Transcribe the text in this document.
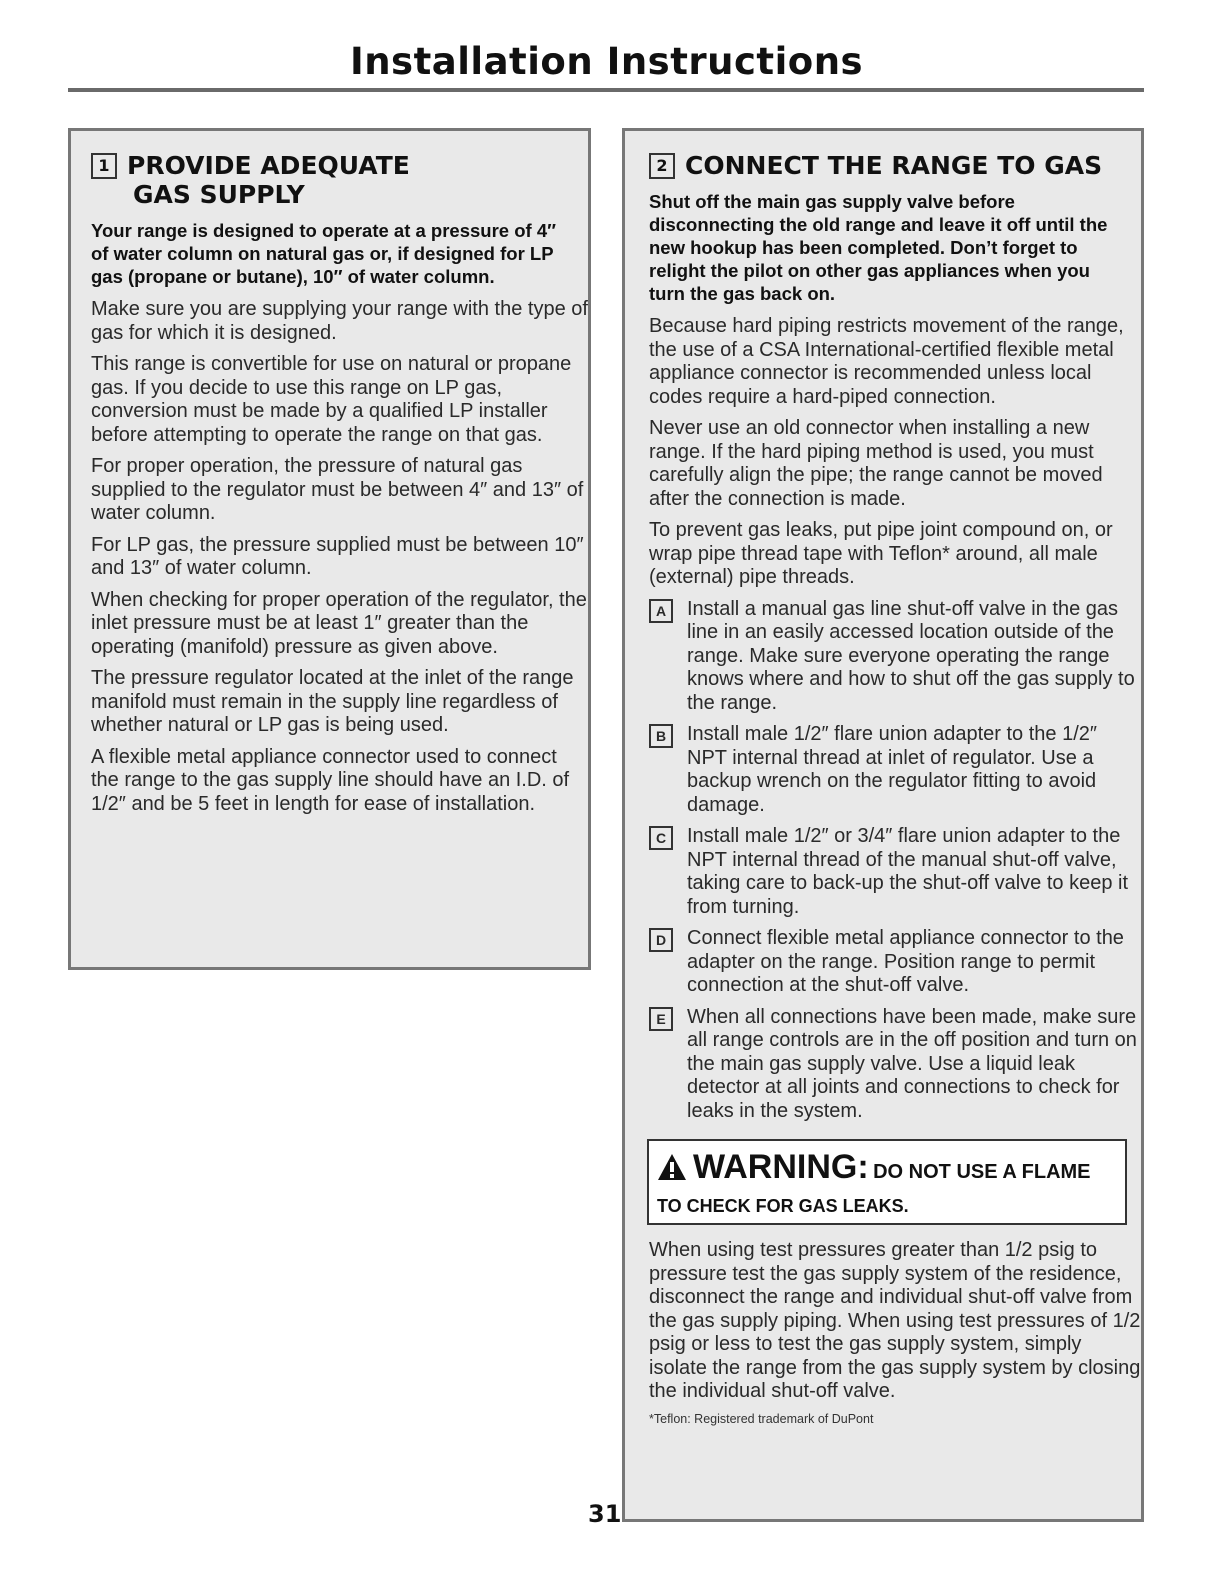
Installation Instructions
1 PROVIDE ADEQUATE
GAS SUPPLY

Your range is designed to operate at a pressure of 4″ of water column on natural gas or, if designed for LP gas (propane or butane), 10″ of water column.

Make sure you are supplying your range with the type of gas for which it is designed.

This range is convertible for use on natural or propane gas. If you decide to use this range on LP gas, conversion must be made by a qualified LP installer before attempting to operate the range on that gas.

For proper operation, the pressure of natural gas supplied to the regulator must be between 4″ and 13″ of water column.

For LP gas, the pressure supplied must be between 10″ and 13″ of water column.

When checking for proper operation of the regulator, the inlet pressure must be at least 1″ greater than the operating (manifold) pressure as given above.

The pressure regulator located at the inlet of the range manifold must remain in the supply line regardless of whether natural or LP gas is being used.

A flexible metal appliance connector used to connect the range to the gas supply line should have an I.D. of 1/2″ and be 5 feet in length for ease of installation.

2 CONNECT THE RANGE TO GAS

Shut off the main gas supply valve before disconnecting the old range and leave it off until the new hookup has been completed. Don’t forget to relight the pilot on other gas appliances when you turn the gas back on.

Because hard piping restricts movement of the range, the use of a CSA International-certified flexible metal appliance connector is recommended unless local codes require a hard-piped connection.

Never use an old connector when installing a new range. If the hard piping method is used, you must carefully align the pipe; the range cannot be moved after the connection is made.

To prevent gas leaks, put pipe joint compound on, or wrap pipe thread tape with Teflon* around, all male (external) pipe threads.

A	Install a manual gas line shut-off valve in the gas line in an easily accessed location outside of the range. Make sure everyone operating the range knows where and how to shut off the gas supply to the range.
B	Install male 1/2″ flare union adapter to the 1/2″ NPT internal thread at inlet of regulator. Use a backup wrench on the regulator fitting to avoid damage.
C	Install male 1/2″ or 3/4″ flare union adapter to the NPT internal thread of the manual shut-off valve, taking care to back-up the shut-off valve to keep it from turning.
D	Connect flexible metal appliance connector to the adapter on the range. Position range to permit connection at the shut-off valve.
E	When all connections have been made, make sure all range controls are in the off position and turn on the main gas supply valve. Use a liquid leak detector at all joints and connections to check for leaks in the system.
WARNING: DO NOT USE A FLAME
TO CHECK FOR GAS LEAKS.

When using test pressures greater than 1/2 psig to pressure test the gas supply system of the residence, disconnect the range and individual shut-off valve from the gas supply piping. When using test pressures of 1/2 psig or less to test the gas supply system, simply isolate the range from the gas supply system by closing the individual shut-off valve.

*Teflon: Registered trademark of DuPont
31
